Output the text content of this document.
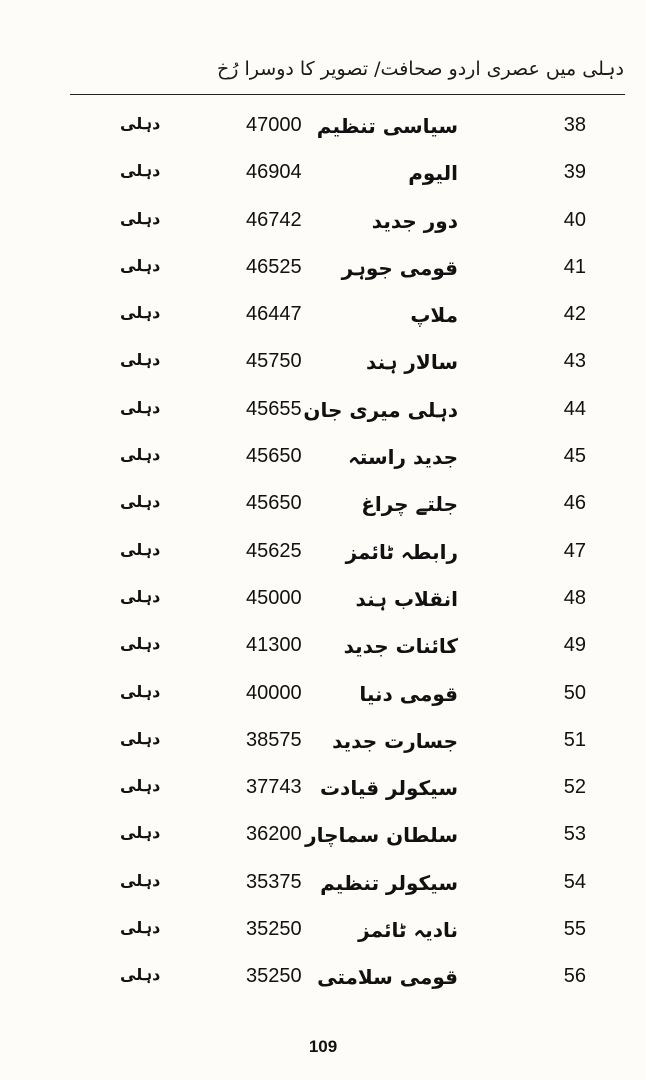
دہلی میں عصری اردو صحافت/ تصویر کا دوسرا رُخ
38
سیاسی تنظیم
47000
دہلی
39
الیوم
46904
دہلی
40
دور جدید
46742
دہلی
41
قومی جوہر
46525
دہلی
42
ملاپ
46447
دہلی
43
سالار ہند
45750
دہلی
44
دہلی میری جان
45655
دہلی
45
جدید راستہ
45650
دہلی
46
جلتے چراغ
45650
دہلی
47
رابطہ ٹائمز
45625
دہلی
48
انقلاب ہند
45000
دہلی
49
کائنات جدید
41300
دہلی
50
قومی دنیا
40000
دہلی
51
جسارت جدید
38575
دہلی
52
سیکولر قیادت
37743
دہلی
53
سلطان سماچار
36200
دہلی
54
سیکولر تنظیم
35375
دہلی
55
نادیہ ٹائمز
35250
دہلی
56
قومی سلامتی
35250
دہلی
109
